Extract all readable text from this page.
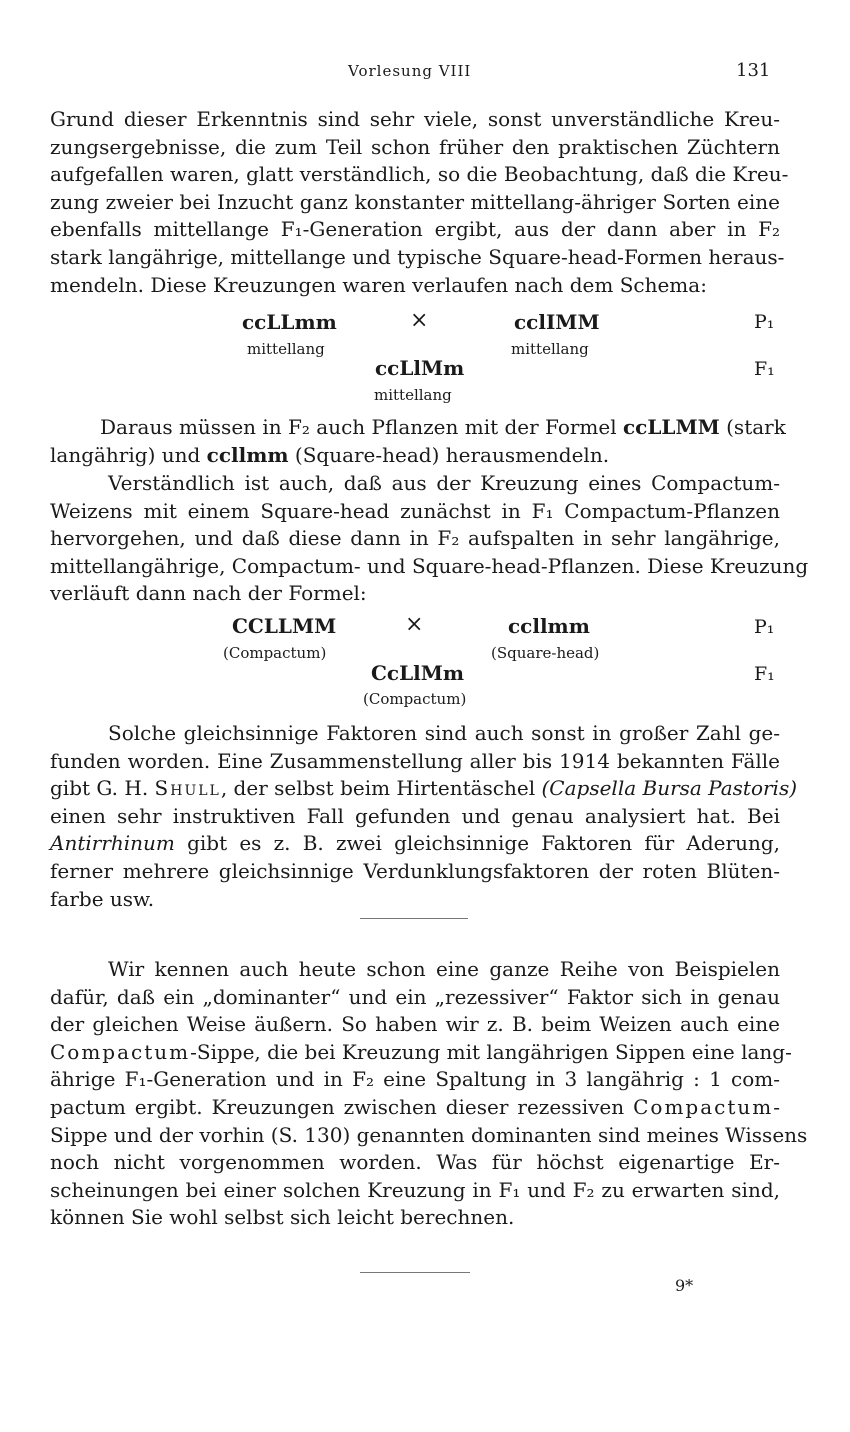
Vorlesung VIII	131
Grund dieser Erkenntnis sind sehr viele, sonst unverständliche Kreu-
zungsergebnisse, die zum Teil schon früher den praktischen Züchtern
aufgefallen waren, glatt verständlich, so die Beobachtung, daß die Kreu-
zung zweier bei Inzucht ganz konstanter mittellang-ähriger Sorten eine
ebenfalls mittellange F₁-Generation ergibt, aus der dann aber in F₂
stark langährige, mittellange und typische Square-head-Formen heraus-
mendeln. Diese Kreuzungen waren verlaufen nach dem Schema:
ccLLmm	×	cclIMM	P₁
mittellang	mittellang
ccLlMm	F₁
mittellang
Daraus müssen in F₂ auch Pflanzen mit der Formel ccLLMM (stark
langährig) und ccllmm (Square-head) herausmendeln.
Verständlich ist auch, daß aus der Kreuzung eines Compactum-
Weizens mit einem Square-head zunächst in F₁ Compactum-Pflanzen
hervorgehen, und daß diese dann in F₂ aufspalten in sehr langährige,
mittellangährige, Compactum- und Square-head-Pflanzen. Diese Kreuzung
verläuft dann nach der Formel:
CCLLMM	×	ccllmm	P₁
(Compactum)	(Square-head)
CcLlMm	F₁
(Compactum)
Solche gleichsinnige Faktoren sind auch sonst in großer Zahl ge-
funden worden. Eine Zusammenstellung aller bis 1914 bekannten Fälle
gibt G. H. Shull, der selbst beim Hirtentäschel (Capsella Bursa Pastoris)
einen sehr instruktiven Fall gefunden und genau analysiert hat. Bei
Antirrhinum gibt es z. B. zwei gleichsinnige Faktoren für Aderung,
ferner mehrere gleichsinnige Verdunklungsfaktoren der roten Blüten-
farbe usw.
Wir kennen auch heute schon eine ganze Reihe von Beispielen
dafür, daß ein „dominanter“ und ein „rezessiver“ Faktor sich in genau
der gleichen Weise äußern. So haben wir z. B. beim Weizen auch eine
Compactum-Sippe, die bei Kreuzung mit langährigen Sippen eine lang-
ährige F₁-Generation und in F₂ eine Spaltung in 3 langährig : 1 com-
pactum ergibt. Kreuzungen zwischen dieser rezessiven Compactum-
Sippe und der vorhin (S. 130) genannten dominanten sind meines Wissens
noch nicht vorgenommen worden. Was für höchst eigenartige Er-
scheinungen bei einer solchen Kreuzung in F₁ und F₂ zu erwarten sind,
können Sie wohl selbst sich leicht berechnen.
9*
